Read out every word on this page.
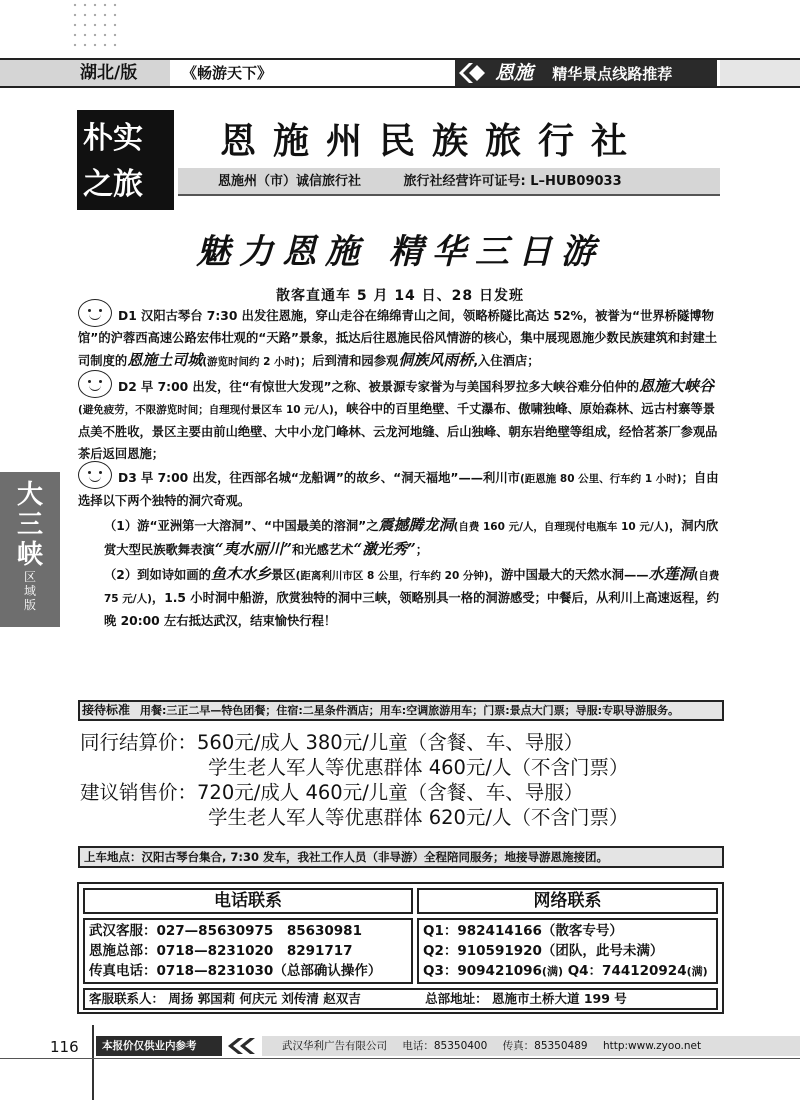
湖北/版	《畅游天下》	恩施 精华景点线路推荐
朴实
之旅
恩施州民族旅行社
恩施州（市）诚信旅行社	旅行社经营许可证号: L–HUB09033
魅力恩施 精华三日游
散客直通车 5 月 14 日、28 日发班
D1 汉阳古琴台 7:30 出发往恩施，穿山走谷在绵绵青山之间，领略桥隧比高达 52%，被誉为“世界桥隧博物馆”的沪蓉西高速公路宏伟壮观的“天路”景象，抵达后往恩施民俗风情游的核心，集中展现恩施少数民族建筑和封建土司制度的恩施土司城(游览时间约 2 小时)；后到清和园参观侗族风雨桥,入住酒店；
D2 早 7:00 出发，往“有惊世大发现”之称、被景源专家誉为与美国科罗拉多大峡谷难分伯仲的恩施大峡谷(避免疲劳，不限游览时间；自理现付景区车 10 元/人)，峡谷中的百里绝壁、千丈瀑布、傲啸独峰、原始森林、远古村寨等景点美不胜收，景区主要由前山绝壁、大中小龙门峰林、云龙河地缝、后山独峰、朝东岩绝壁等组成，经恰茗茶厂参观品茶后返回恩施；
D3 早 7:00 出发，往西部名城“龙船调”的故乡、“洞天福地”——利川市(距恩施 80 公里、行车约 1 小时)；自由选择以下两个独特的洞穴奇观。
（1）游“亚洲第一大溶洞”、“中国最美的溶洞”之震撼腾龙洞(自费 160 元/人，自理现付电瓶车 10 元/人)，洞内欣赏大型民族歌舞表演“夷水丽川”和光感艺术“激光秀”；
（2）到如诗如画的鱼木水乡景区(距离利川市区 8 公里，行车约 20 分钟)，游中国最大的天然水洞——水莲洞(自费 75 元/人)，1.5 小时洞中船游，欣赏独特的洞中三峡，领略别具一格的洞游感受；中餐后，从利川上高速返程，约晚 20:00 左右抵达武汉，结束愉快行程！
接待标准 用餐:三正二早—特色团餐；住宿:二星条件酒店；用车:空调旅游用车；门票:景点大门票；导服:专职导游服务。
同行结算价：560元/成人 380元/儿童（含餐、车、导服）
学生老人军人等优惠群体 460元/人（不含门票）
建议销售价：720元/成人 460元/儿童（含餐、车、导服）
学生老人军人等优惠群体 620元/人（不含门票）
上车地点：汉阳古琴台集合, 7:30 发车，我社工作人员（非导游）全程陪同服务；地接导游恩施接团。
电话联系	网络联系
武汉客服：027—85630975　85630981
恩施总部：0718—8231020　8291717
传真电话：0718—8231030（总部确认操作）
Q1：982414166（散客专号）
Q2：910591920（团队，此号未满）
Q3：909421096(满) Q4：744120924(满)
客服联系人： 周扬 郭国莉 何庆元 刘传清 赵双吉	总部地址： 恩施市土桥大道 199 号
116	本报价仅供业内参考	武汉华利广告有限公司 电话：85350400 传真：85350489 http:www.zyoo.net
大
三
峡
区
域
版
